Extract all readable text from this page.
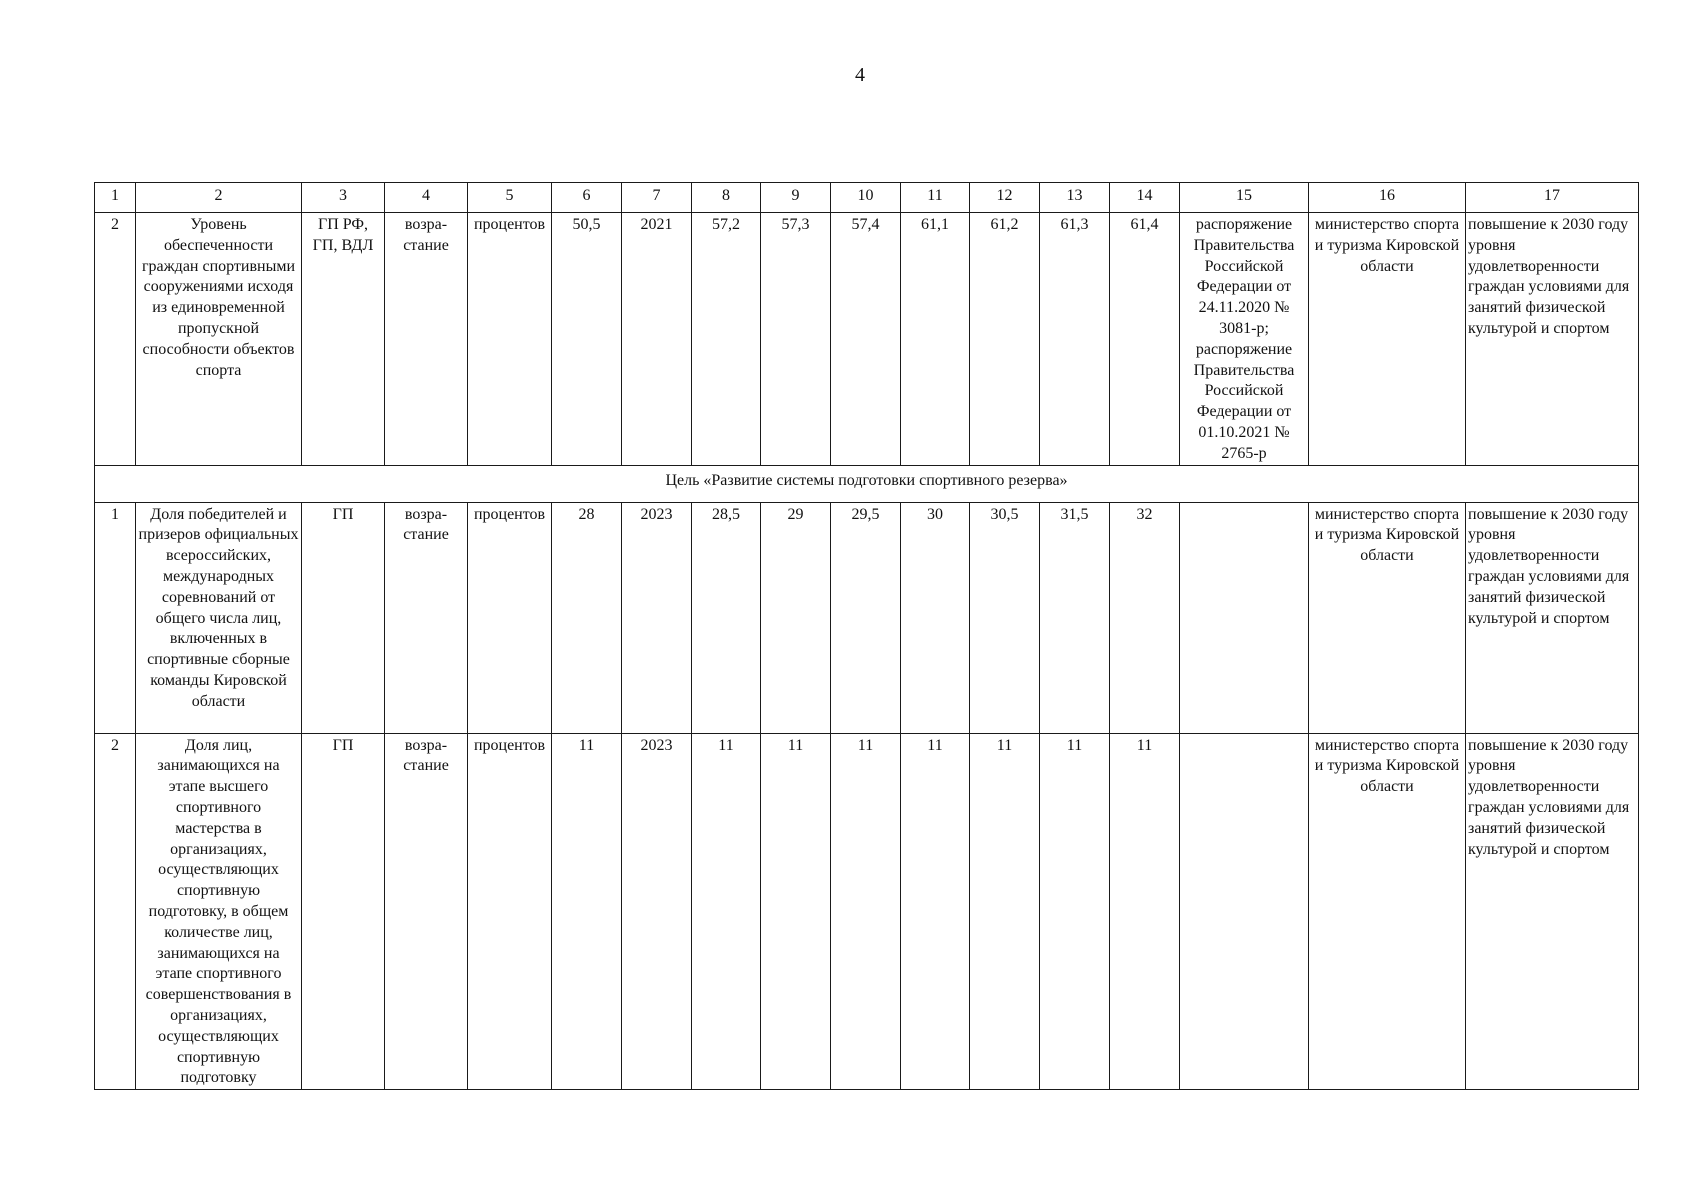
4
1	2	3	4	5	6	7	8	9	10	11	12	13	14	15	16	17
2	Уровень обеспеченности граждан спортивными сооружениями исходя из единовременной пропускной способности объектов спорта	ГП РФ, ГП, ВДЛ	возра-стание	процентов	50,5	2021	57,2	57,3	57,4	61,1	61,2	61,3	61,4	распоряжение Правительства Российской Федерации от 24.11.2020 № 3081-р; распоряжение Правительства Российской Федерации от 01.10.2021 № 2765-р	министерство спорта и туризма Кировской области	повышение к 2030 году уровня удовлетворенности граждан условиями для занятий физической культурой и спортом
Цель «Развитие системы подготовки спортивного резерва»																
1	Доля победителей и призеров официальных всероссийских, международных соревнований от общего числа лиц, включенных в спортивные сборные команды Кировской области	ГП	возра-стание	процентов	28	2023	28,5	29	29,5	30	30,5	31,5	32		министерство спорта и туризма Кировской области	повышение к 2030 году уровня удовлетворенности граждан условиями для занятий физической культурой и спортом
2	Доля лиц, занимающихся на этапе высшего спортивного мастерства в организациях, осуществляющих спортивную подготовку, в общем количестве лиц, занимающихся на этапе спортивного совершенствования в организациях, осуществляющих спортивную подготовку	ГП	возра-стание	процентов	11	2023	11	11	11	11	11	11	11		министерство спорта и туризма Кировской области	повышение к 2030 году уровня удовлетворенности граждан условиями для занятий физической культурой и спортом
